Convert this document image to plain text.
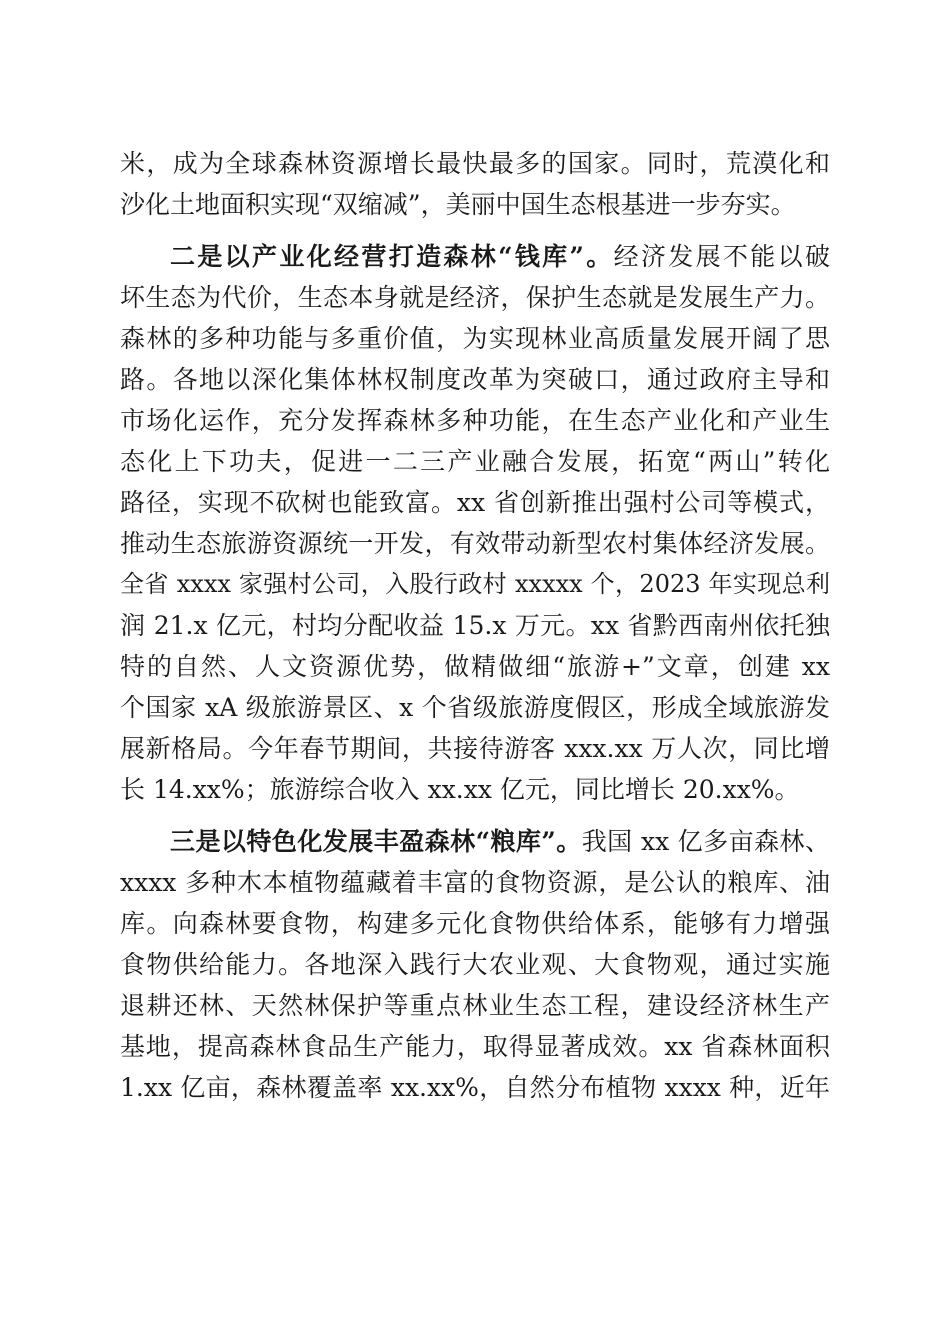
米，成为全球森林资源增长最快最多的国家。同时，荒漠化和
沙化土地面积实现“双缩减”，美丽中国生态根基进一步夯实。
二是以产业化经营打造森林“钱库”。经济发展不能以破
坏生态为代价，生态本身就是经济，保护生态就是发展生产力。
森林的多种功能与多重价值，为实现林业高质量发展开阔了思
路。各地以深化集体林权制度改革为突破口，通过政府主导和
市场化运作，充分发挥森林多种功能，在生态产业化和产业生
态化上下功夫，促进一二三产业融合发展，拓宽“两山”转化
路径，实现不砍树也能致富。xx 省创新推出强村公司等模式，
推动生态旅游资源统一开发，有效带动新型农村集体经济发展。
全省 xxxx 家强村公司，入股行政村 xxxxx 个，2023 年实现总利
润 21.x 亿元，村均分配收益 15.x 万元。xx 省黔西南州依托独
特的自然、人文资源优势，做精做细“旅游+”文章，创建 xx
个国家 xA 级旅游景区、x 个省级旅游度假区，形成全域旅游发
展新格局。今年春节期间，共接待游客 xxx.xx 万人次，同比增
长 14.xx%；旅游综合收入 xx.xx 亿元，同比增长 20.xx%。
三是以特色化发展丰盈森林“粮库”。我国 xx 亿多亩森林、
xxxx 多种木本植物蕴藏着丰富的食物资源，是公认的粮库、油
库。向森林要食物，构建多元化食物供给体系，能够有力增强
食物供给能力。各地深入践行大农业观、大食物观，通过实施
退耕还林、天然林保护等重点林业生态工程，建设经济林生产
基地，提高森林食品生产能力，取得显著成效。xx 省森林面积
1.xx 亿亩，森林覆盖率 xx.xx%，自然分布植物 xxxx 种，近年
